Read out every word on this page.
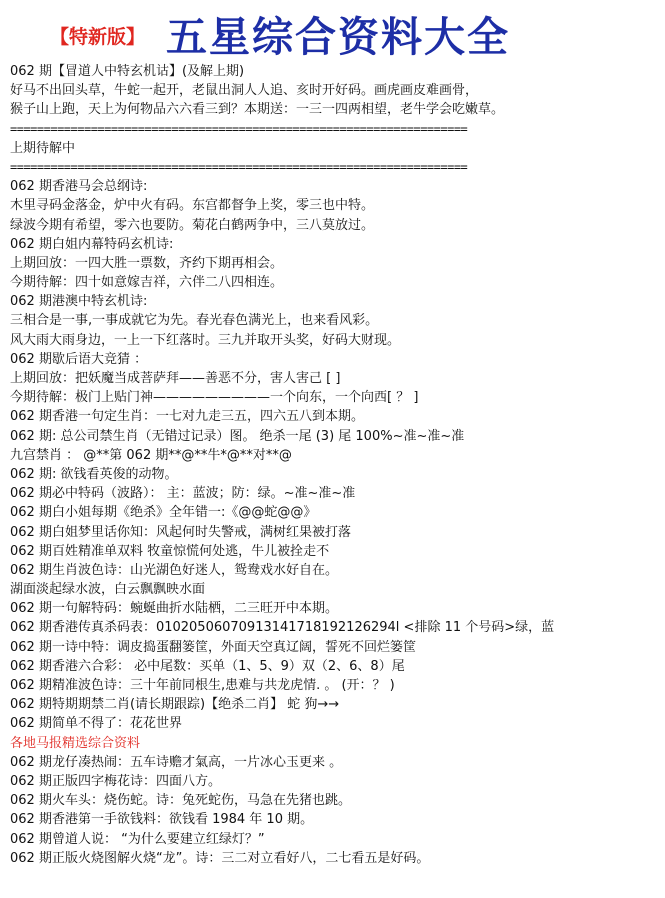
【特新版】 五星综合资料大全
062 期【冒道人中特玄机诂】(及解上期)
好马不出回头草，牛蛇一起开，老鼠出洞人人追、亥时开好码。画虎画皮难画骨，
猴子山上跑，天上为何物品六六看三到？本期送：一三一四两相望，老牛学会吃嫩草。
====================================================================
上期待解中
====================================================================
062 期香港马会总纲诗:
木里寻码金落金，炉中火有码。东宫都督争上奖，零三也中特。
绿波今期有希望，零六也要防。菊花白鹤两争中，三八莫放过。
062 期白姐内幕特码玄机诗:
上期回放：一四大胜一票数，齐约下期再相会。
今期待解：四十如意嫁吉祥，六伴二八四相连。
062 期港澳中特玄机诗:
三相合是一事,一事成就它为先。春光春色满光上，也来看风彩。
风大雨大雨身边，一上一下红落时。三九并取开头奖，好码大财现。
062 期歇后语大竞猜 ：
上期回放：把妖魔当成菩萨拜——善恶不分，害人害己 [ ]
今期待解：极门上贴门神—————————一个向东，一个向西[ ？ ]
062 期香港一句定生肖：一七对九走三五，四六五八到本期。
062 期: 总公司禁生肖（无错过记录）图。 绝杀一尾 (3) 尾 100%~准~准~准
九宫禁肖 ： @**第 062 期**@**牛*@**对**@
062 期: 欲钱看英俊的动物。
062 期必中特码（波路）： 主：蓝波；防：绿。~准~准~准
062 期白小姐每期《绝杀》全年错一:《@@蛇@@》
062 期白姐梦里话你知：风起何时失警戒，满树红果被打落
062 期百姓精准单双料 牧童惊慌何处逃，牛儿被拴走不
062 期生肖波色诗：山光湖色好迷人，鸳鸯戏水好自在。
湖面淡起绿水波，白云飘飘映水面
062 期一句解特码：蜿蜒曲折水陆栖，二三旺开中本期。
062 期香港传真杀码表：01020506070913141718192126294l <排除 11 个号码>绿，蓝
062 期一诗中特：调皮捣蛋翻篓筐，外面天空真辽阔，誓死不回烂篓筐
062 期香港六合彩： 必中尾数：买单（1、5、9）双（2、6、8）尾
062 期精准波色诗：三十年前同根生,患难与共龙虎情. 。 (开：？ )
062 期特期期禁二肖(请长期跟踪)【绝杀二肖】 蛇 狗→→
062 期简单不得了：花花世界
各地马报精选综合资料
062 期龙仔凑热闹：五车诗赡才氣高，一片冰心玉更来 。
062 期正版四字梅花诗：四面八方。
062 期火车头：烧伤蛇。诗：兔死蛇伤，马急在先猪也跳。
062 期香港第一手欲钱料：欲钱看 1984 年 10 期。
062 期曾道人说： “为什么要建立红绿灯？”
062 期正版火烧图解火烧“龙”。诗：三二对立看好八，二七看五是好码。
